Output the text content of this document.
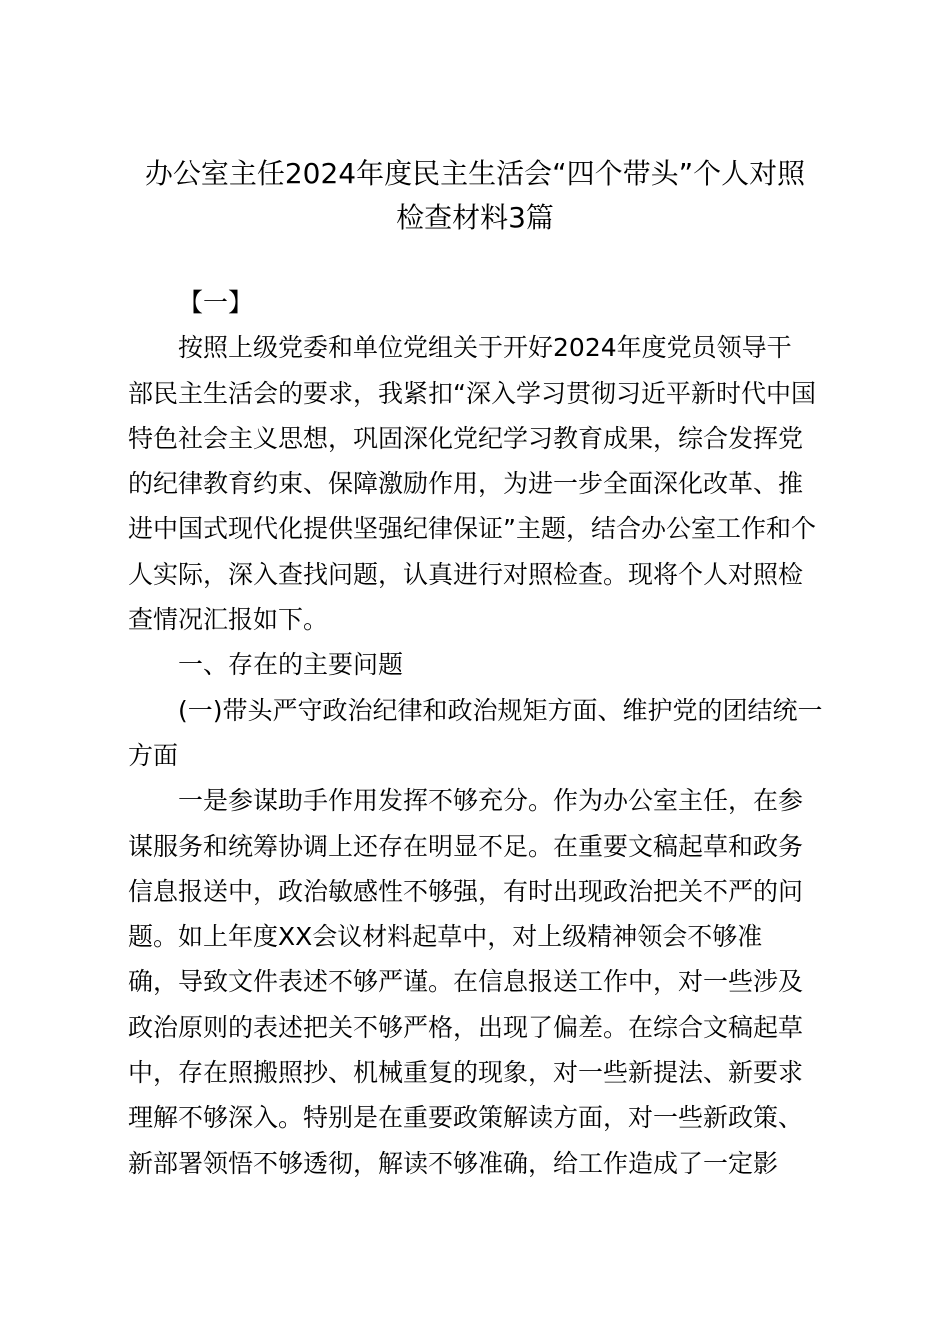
办公室主任2024年度民主生活会“四个带头”个人对照
检查材料3篇
【一】
按照上级党委和单位党组关于开好2024年度党员领导干
部民主生活会的要求，我紧扣“深入学习贯彻习近平新时代中国
特色社会主义思想，巩固深化党纪学习教育成果，综合发挥党
的纪律教育约束、保障激励作用，为进一步全面深化改革、推
进中国式现代化提供坚强纪律保证”主题，结合办公室工作和个
人实际，深入查找问题，认真进行对照检查。现将个人对照检
查情况汇报如下。
一、存在的主要问题
(一)带头严守政治纪律和政治规矩方面、维护党的团结统一
方面
一是参谋助手作用发挥不够充分。作为办公室主任，在参
谋服务和统筹协调上还存在明显不足。在重要文稿起草和政务
信息报送中，政治敏感性不够强，有时出现政治把关不严的问
题。如上年度XX会议材料起草中，对上级精神领会不够准
确，导致文件表述不够严谨。在信息报送工作中，对一些涉及
政治原则的表述把关不够严格，出现了偏差。在综合文稿起草
中，存在照搬照抄、机械重复的现象，对一些新提法、新要求
理解不够深入。特别是在重要政策解读方面，对一些新政策、
新部署领悟不够透彻，解读不够准确，给工作造成了一定影
